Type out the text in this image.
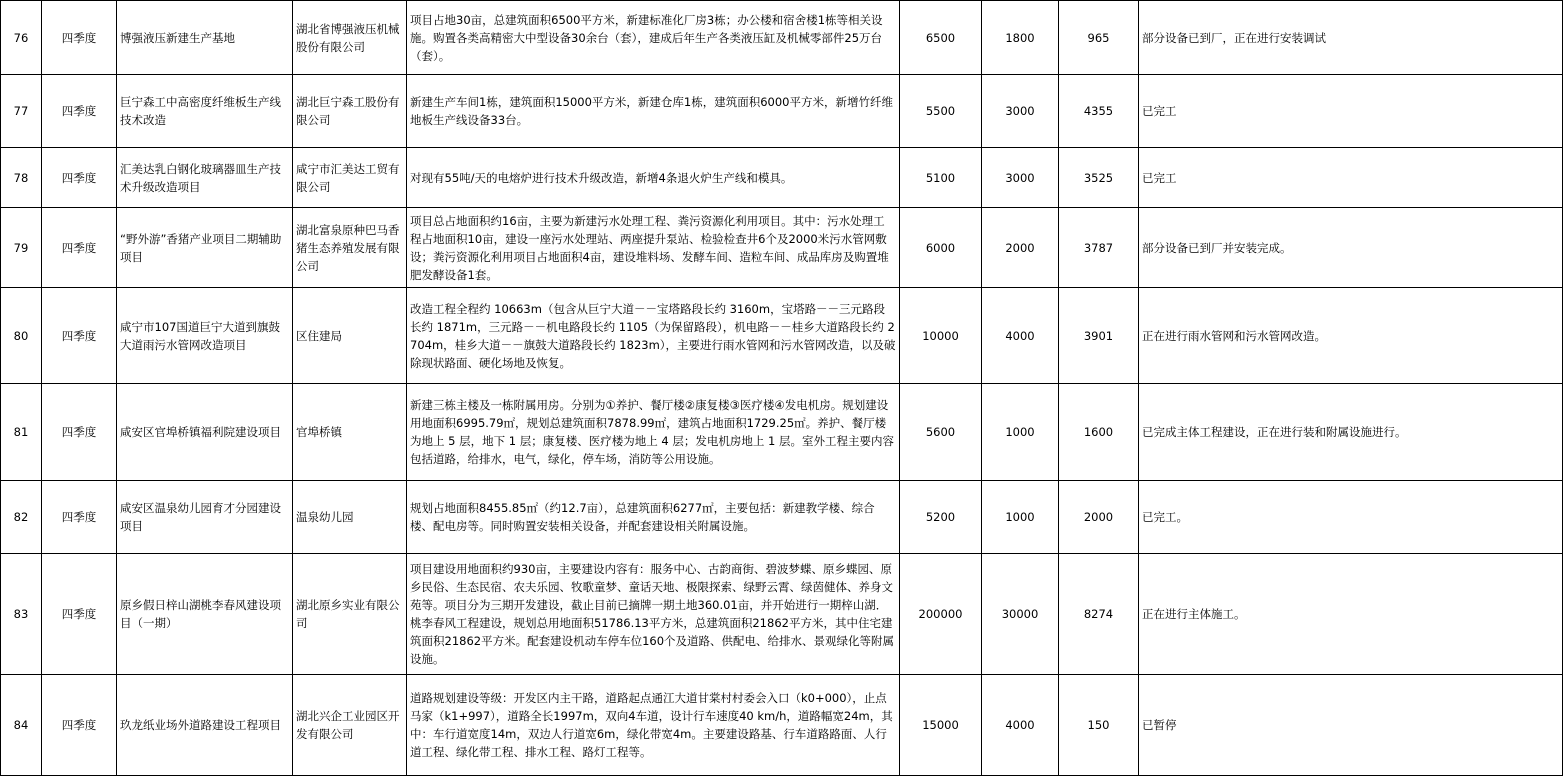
76	四季度	博强液压新建生产基地	湖北省博强液压机械股份有限公司	项目占地30亩，总建筑面积6500平方米，新建标准化厂房3栋；办公楼和宿舍楼1栋等相关设施。购置各类高精密大中型设备30余台（套），建成后年生产各类液压缸及机械零部件25万台（套）。	6500	1800	965	部分设备已到厂，正在进行安装调试
77	四季度	巨宁森工中高密度纤维板生产线技术改造	湖北巨宁森工股份有限公司	新建生产车间1栋，建筑面积15000平方米，新建仓库1栋，建筑面积6000平方米，新增竹纤维地板生产线设备33台。	5500	3000	4355	已完工
78	四季度	汇美达乳白钢化玻璃器皿生产技术升级改造项目	咸宁市汇美达工贸有限公司	对现有55吨/天的电熔炉进行技术升级改造，新增4条退火炉生产线和模具。	5100	3000	3525	已完工
79	四季度	“野外游”香猪产业项目二期辅助项目	湖北富泉原种巴马香猪生态养殖发展有限公司	项目总占地面积约16亩，主要为新建污水处理工程、粪污资源化利用项目。其中：污水处理工程占地面积10亩，建设一座污水处理站、两座提升泵站、检验检查井6个及2000米污水管网敷设；粪污资源化利用项目占地面积4亩，建设堆料场、发酵车间、造粒车间、成品库房及购置堆肥发酵设备1套。	6000	2000	3787	部分设备已到厂并安装完成。
80	四季度	咸宁市107国道巨宁大道到旗鼓大道雨污水管网改造项目	区住建局	改造工程全程约 10663m（包含从巨宁大道－－宝塔路段长约 3160m，宝塔路－－三元路段长约 1871m，三元路－－机电路段长约 1105（为保留路段），机电路－－桂乡大道路段长约 2704m，桂乡大道－－旗鼓大道路段长约 1823m），主要进行雨水管网和污水管网改造，以及破除现状路面、硬化场地及恢复。	10000	4000	3901	正在进行雨水管网和污水管网改造。
81	四季度	咸安区官埠桥镇福利院建设项目	官埠桥镇	新建三栋主楼及一栋附属用房。分别为①养护、餐厅楼②康复楼③医疗楼④发电机房。规划建设用地面积6995.79㎡，规划总建筑面积7878.99㎡，建筑占地面积1729.25㎡。养护、餐厅楼为地上 5 层，地下 1 层；康复楼、医疗楼为地上 4 层；发电机房地上 1 层。室外工程主要内容包括道路，给排水，电气，绿化，停车场，消防等公用设施。	5600	1000	1600	已完成主体工程建设，正在进行装和附属设施进行。
82	四季度	咸安区温泉幼儿园育才分园建设项目	温泉幼儿园	规划占地面积8455.85㎡（约12.7亩），总建筑面积6277㎡，主要包括：新建教学楼、综合楼、配电房等。同时购置安装相关设备，并配套建设相关附属设施。	5200	1000	2000	已完工。
83	四季度	原乡假日梓山湖桃李春风建设项目（一期）	湖北原乡实业有限公司	项目建设用地面积约930亩，主要建设内容有：服务中心、古韵商街、碧波梦蝶、原乡蝶园、原乡民俗、生态民宿、农夫乐园、牧歌童梦、童话天地、极限探索、绿野云霄、绿茵健体、养身文苑等。项目分为三期开发建设，截止目前已摘牌一期土地360.01亩，并开始进行一期梓山湖．桃李春风工程建设，规划总用地面积51786.13平方米，总建筑面积21862平方米，其中住宅建筑面积21862平方米。配套建设机动车停车位160个及道路、供配电、给排水、景观绿化等附属设施。	200000	30000	8274	正在进行主体施工。
84	四季度	玖龙纸业场外道路建设工程项目	湖北兴企工业园区开发有限公司	道路规划建设等级：开发区内主干路，道路起点通江大道甘棠村村委会入口（k0+000），止点马家（k1+997），道路全长1997m，双向4车道，设计行车速度40 km/h，道路幅宽24m，其中：车行道宽度14m，双边人行道宽6m，绿化带宽4m。主要建设路基、行车道路路面、人行道工程、绿化带工程、排水工程、路灯工程等。	15000	4000	150	已暂停
